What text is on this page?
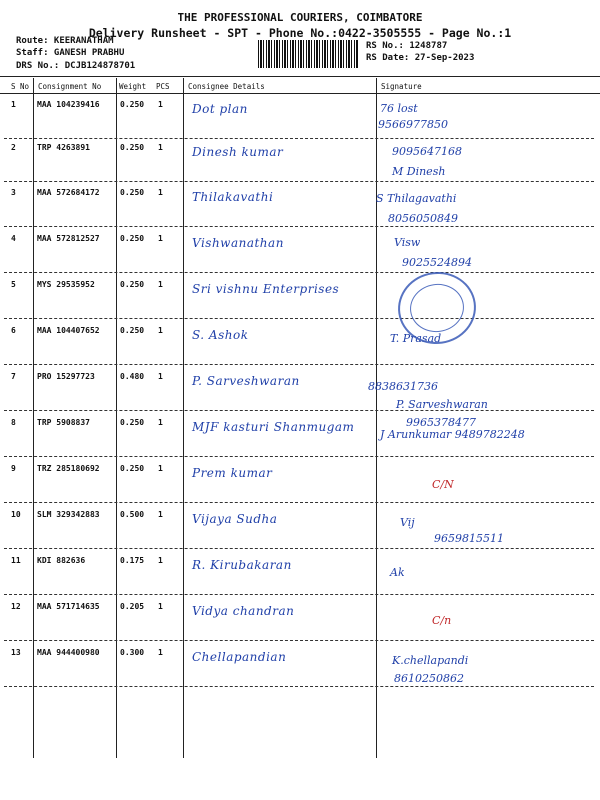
THE PROFESSIONAL COURIERS, COIMBATORE
Delivery Runsheet - SPT - Phone No.:0422-3505555 - Page No.:1
Route: KEERANATHAM
Staff: GANESH PRABHU
DRS No.: DCJB124878701
RS No.: 1248787
RS Date: 27-Sep-2023
S No Consignment No Weight PCS Consignee Details	Signature
1	MAA 104239416	0.250 1 Dot plan	76 lost
9566977850
2	TRP 4263891	0.250 1 Dinesh kumar	9095647168
M Dinesh
3	MAA 572684172	0.250 1 Thilakavathi	S Thilagavathi
8056050849
4	MAA 572812527	0.250 1 Vishwanathan	Visw
9025524894
5	MYS 29535952	0.250 1 Sri vishnu Enterprises
6	MAA 104407652	0.250 1 S. Ashok	T. Prasad
7	PRO 15297723	0.480 1 P. Sarveshwaran	8838631736
P. Sarveshwaran
9965378477
8	TRP 5908837	0.250 1 MJF kasturi Shanmugam
J Arunkumar 9489782248
9	TRZ 285180692	0.250 1 Prem kumar
C/N
10 SLM 329342883	0.500 1 Vijaya Sudha	Vij
9659815511
11 KDI 882636	0.175 1 R. Kirubakaran
Ak
12 MAA 571714635	0.205 1 Vidya chandran
C/n
13 MAA 944400980	0.300 1 Chellapandian	K.chellapandi
8610250862
